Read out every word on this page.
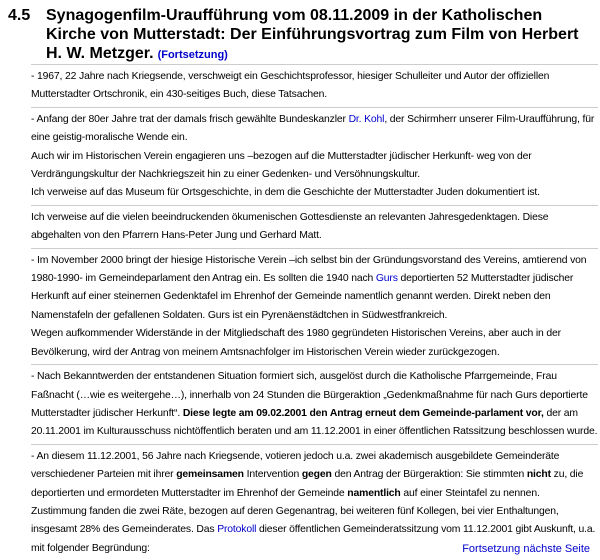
4.5 Synagogenfilm-Uraufführung vom 08.11.2009 in der Katholischen Kirche von Mutterstadt: Der Einführungsvortrag zum Film von Herbert H. W. Metzger. (Fortsetzung)
- 1967, 22 Jahre nach Kriegsende, verschweigt ein Geschichtsprofessor, hiesiger Schulleiter und Autor der offiziellen Mutterstadter Ortschronik, ein 430-seitiges Buch, diese Tatsachen.
- Anfang der 80er Jahre trat der damals frisch gewählte Bundeskanzler Dr. Kohl, der Schirmherr unserer Film-Uraufführung, für eine geistig-moralische Wende ein.
Auch wir im Historischen Verein engagieren uns –bezogen auf die Mutterstadter jüdischer Herkunft- weg von der Verdrängungskultur der Nachkriegszeit hin zu einer Gedenken- und Versöhnungskultur.
Ich verweise auf das Museum für Ortsgeschichte, in dem die Geschichte der Mutterstadter Juden dokumentiert ist.
Ich verweise auf die vielen beeindruckenden ökumenischen Gottesdienste an relevanten Jahresgedenktagen. Diese abgehalten von den Pfarrern Hans-Peter Jung und Gerhard Matt.
- Im November 2000 bringt der hiesige Historische Verein –ich selbst bin der Gründungsvorstand des Vereins, amtierend von 1980-1990- im Gemeindeparlament den Antrag ein. Es sollten die 1940 nach Gurs deportierten 52 Mutterstadter jüdischer Herkunft auf einer steinernen Gedenktafel im Ehrenhof der Gemeinde namentlich genannt werden. Direkt neben den Namenstafeln der gefallenen Soldaten. Gurs ist ein Pyrenäenstädtchen in Südwestfrankreich.
Wegen aufkommender Widerstände in der Mitgliedschaft des 1980 gegründeten Historischen Vereins, aber auch in der Bevölkerung, wird der Antrag von meinem Amtsnachfolger im Historischen Verein wieder zurückgezogen.
- Nach Bekanntwerden der entstandenen Situation formiert sich, ausgelöst durch die Katholische Pfarrgemeinde, Frau Faßnacht (…wie es weitergehe…), innerhalb von 24 Stunden die Bürgeraktion „Gedenkmaßnahme für nach Gurs deportierte Mutterstadter jüdischer Herkunft“. Diese legte am 09.02.2001 den Antrag erneut dem Gemeinde-parlament vor, der am 20.11.2001 im Kulturausschuss nichtöffentlich beraten und am 11.12.2001 in einer öffentlichen Ratssitzung beschlossen wurde.
- An diesem 11.12.2001, 56 Jahre nach Kriegsende, votieren jedoch u.a. zwei akademisch ausgebildete Gemeinderäte verschiedener Parteien mit ihrer gemeinsamen Intervention gegen den Antrag der Bürgeraktion: Sie stimmten nicht zu, die deportierten und ermordeten Mutterstadter im Ehrenhof der Gemeinde namentlich auf einer Steintafel zu nennen. Zustimmung fanden die zwei Räte, bezogen auf deren Gegenantrag, bei weiteren fünf Kollegen, bei vier Enthaltungen, insgesamt 28% des Gemeinderates. Das Protokoll dieser öffentlichen Gemeinderatssitzung vom 11.12.2001 gibt Auskunft, u.a. mit folgender Begründung:	Fortsetzung nächste Seite
